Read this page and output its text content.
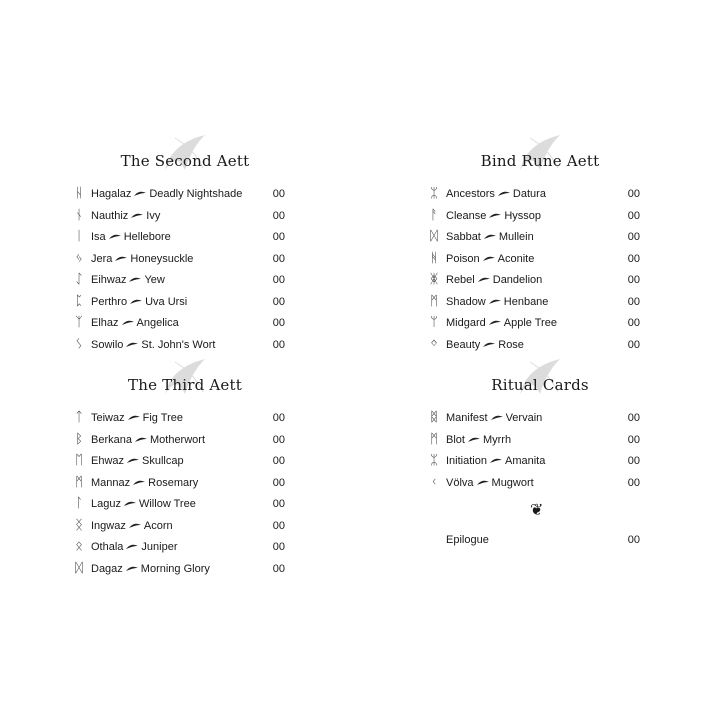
The Second Aett
ᚺ Hagalaz Deadly Nightshade	00
ᚾ Nauthiz Ivy	00
ᛁ Isa Hellebore	00
ᛃ Jera Honeysuckle	00
ᛇ Eihwaz Yew	00
ᛈ Perthro Uva Ursi	00
ᛉ Elhaz Angelica	00
ᛊ Sowilo St. John's Wort	00
The Third Aett
ᛏ Teiwaz Fig Tree	00
ᛒ Berkana Motherwort	00
ᛖ Ehwaz Skullcap	00
ᛗ Mannaz Rosemary	00
ᛚ Laguz Willow Tree	00
ᛝ Ingwaz Acorn	00
ᛟ Othala Juniper	00
ᛞ Dagaz Morning Glory	00
Bind Rune Aett
ᛯ Ancestors Datura	00
ᚨ Cleanse Hyssop	00
ᛞ Sabbat Mullein	00
ᚻ Poison Aconite	00
ᛤ Rebel Dandelion	00
ᛗ Shadow Henbane	00
ᛘ Midgard Apple Tree	00
ᛜ Beauty Rose	00
Ritual Cards
ᛥ Manifest Vervain	00
ᛗ Blot Myrrh	00
ᛯ Initiation Amanita	00
ᚲ Völva Mugwort	00
❦
Epilogue	00
